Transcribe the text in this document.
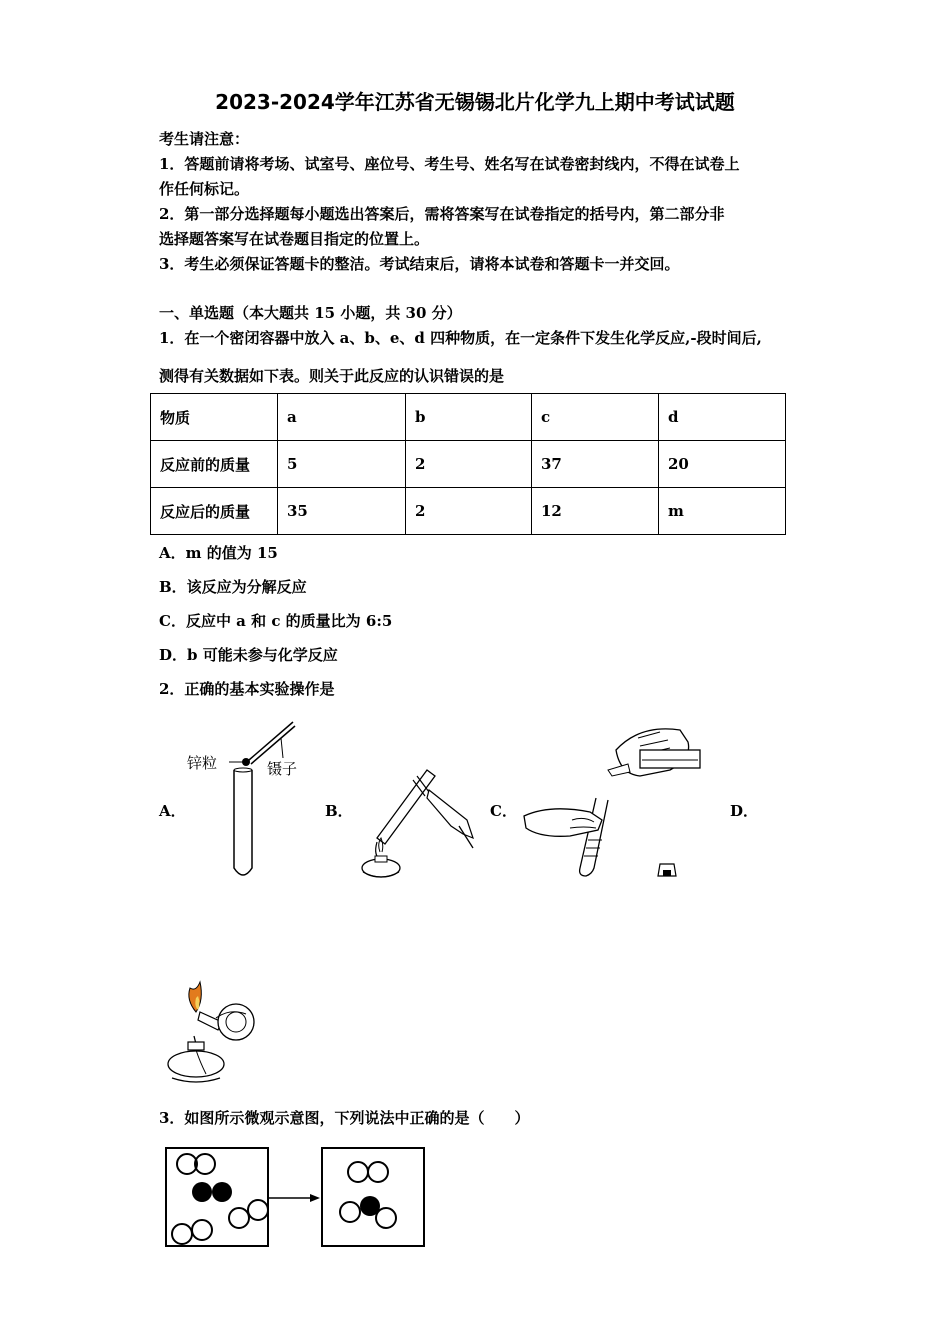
2023-2024学年江苏省无锡锡北片化学九上期中考试试题
考生请注意：
1．答题前请将考场、试室号、座位号、考生号、姓名写在试卷密封线内，不得在试卷上
作任何标记。
2．第一部分选择题每小题选出答案后，需将答案写在试卷指定的括号内，第二部分非
选择题答案写在试卷题目指定的位置上。
3．考生必须保证答题卡的整洁。考试结束后，请将本试卷和答题卡一并交回。
一、单选题（本大题共 15 小题，共 30 分）
1．在一个密闭容器中放入 a、b、e、d 四种物质，在一定条件下发生化学反应,-段时间后,
测得有关数据如下表。则关于此反应的认识错误的是
物质	a	b	c	d
反应前的质量	5	2	37	20
反应后的质量	35	2	12	m
A．m 的值为 15
B．该反应为分解反应
C．反应中 a 和 c 的质量比为 6:5
D．b 可能未参与化学反应
2．正确的基本实验操作是
A．	B．	C．	D．
锌粒	镊子
3．如图所示微观示意图，下列说法中正确的是（　　）
